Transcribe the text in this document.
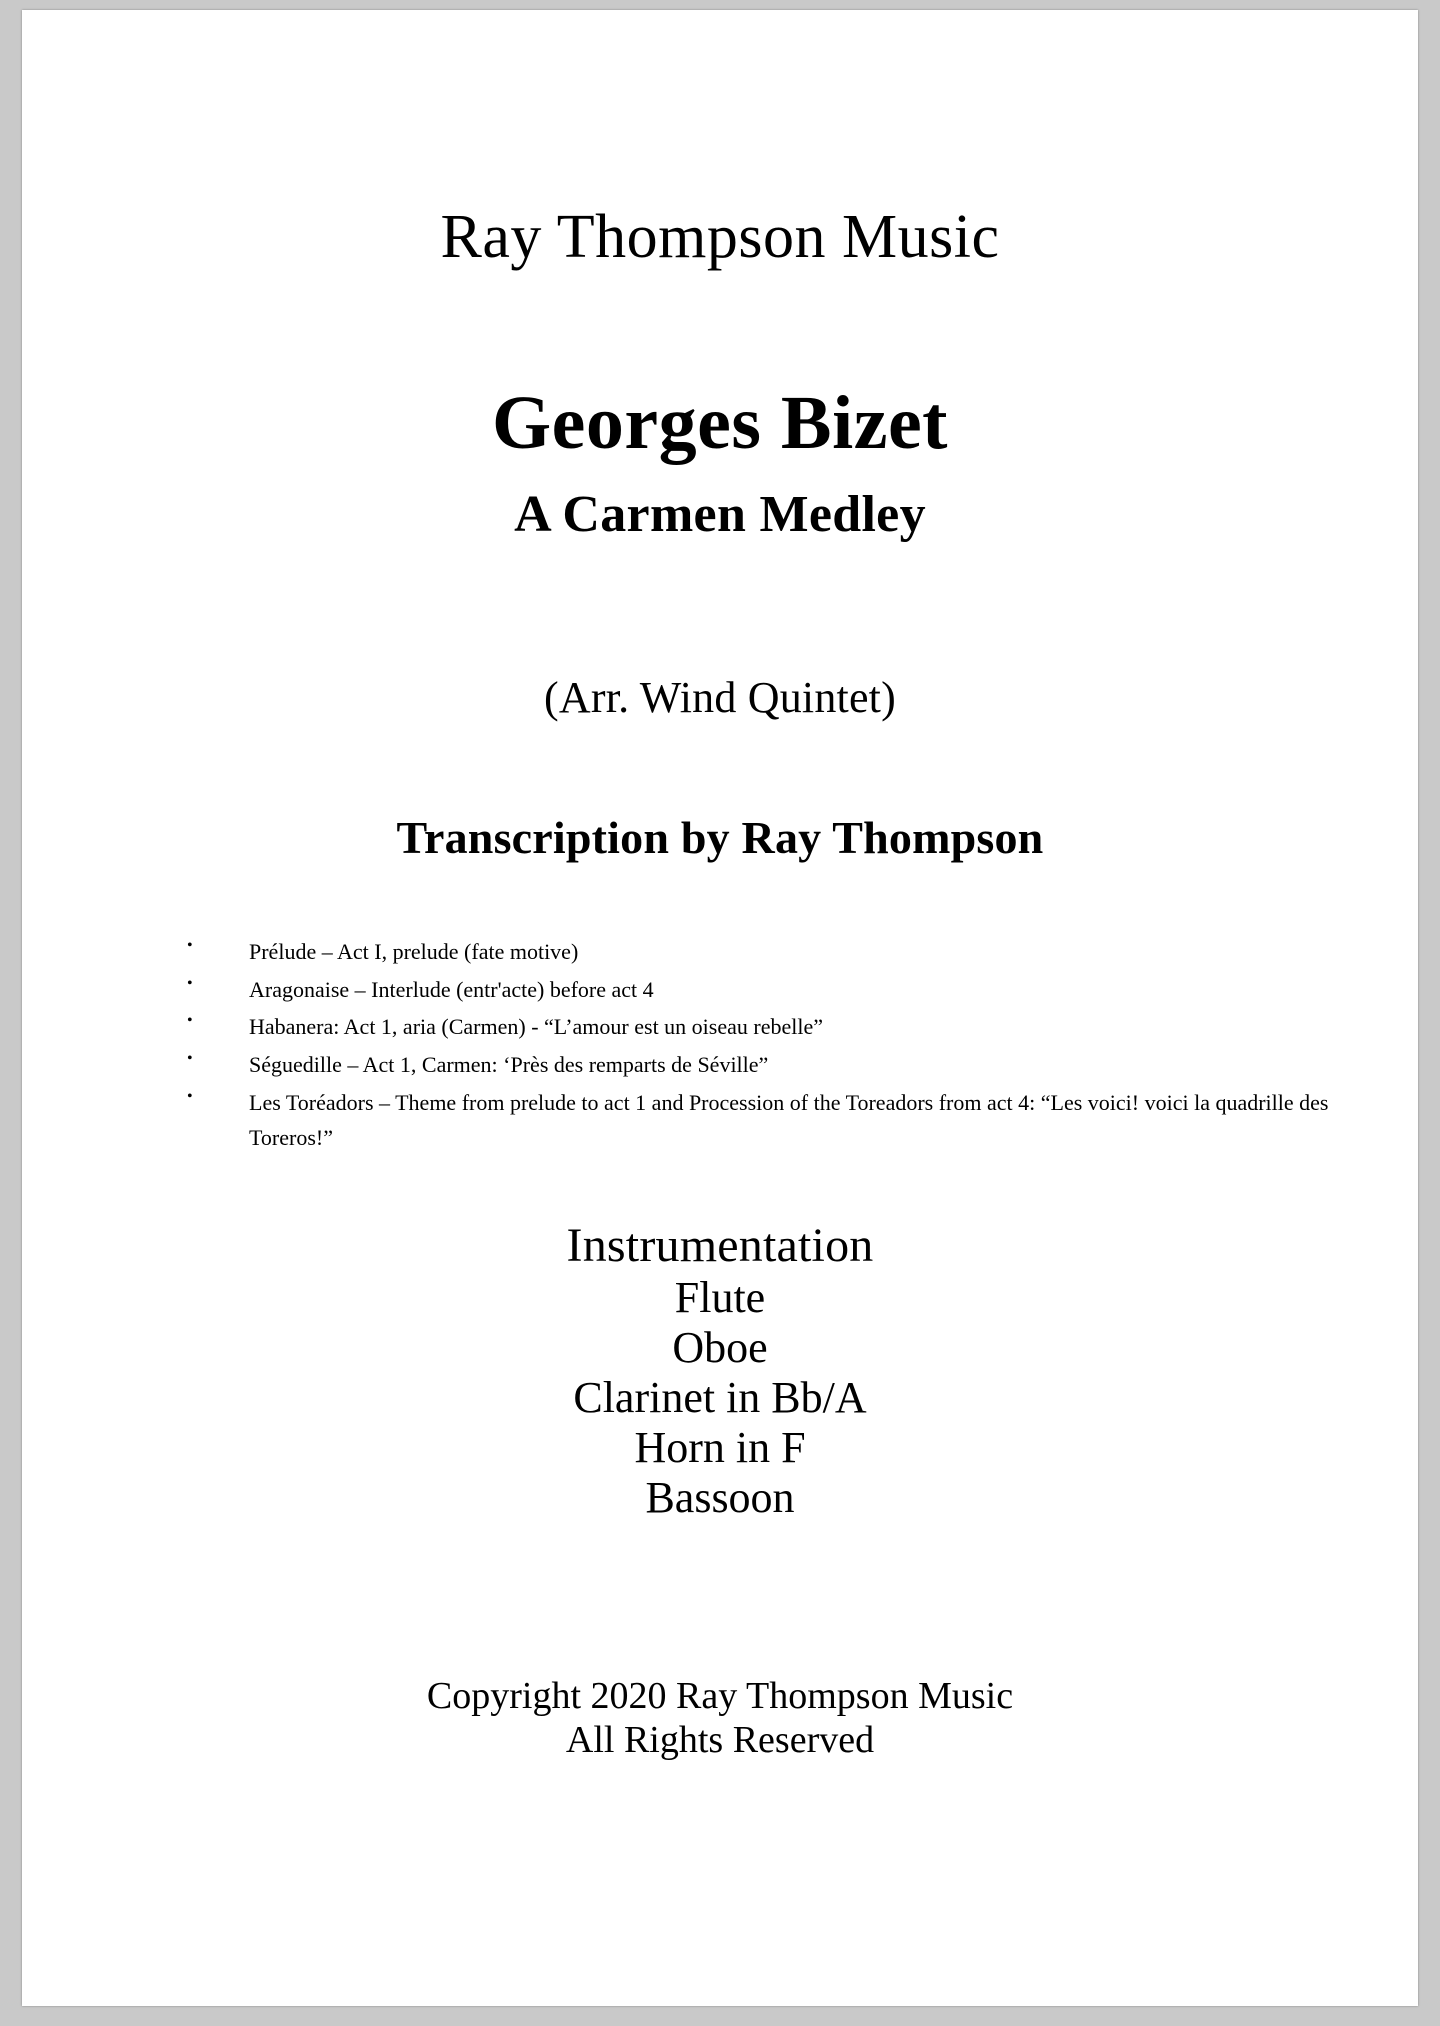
Ray Thompson Music
Georges Bizet
A Carmen Medley
(Arr. Wind Quintet)
Transcription by Ray Thompson
• Prélude – Act I, prelude (fate motive)
• Aragonaise – Interlude (entr'acte) before act 4
• Habanera: Act 1, aria (Carmen) - “L’amour est un oiseau rebelle”
• Séguedille – Act 1, Carmen: ‘Près des remparts de Séville”
• Les Toréadors – Theme from prelude to act 1 and Procession of the Toreadors from act 4: “Les voici! voici la quadrille des Toreros!”
Instrumentation
Flute
Oboe
Clarinet in Bb/A
Horn in F
Bassoon
Copyright 2020 Ray Thompson Music
All Rights Reserved
